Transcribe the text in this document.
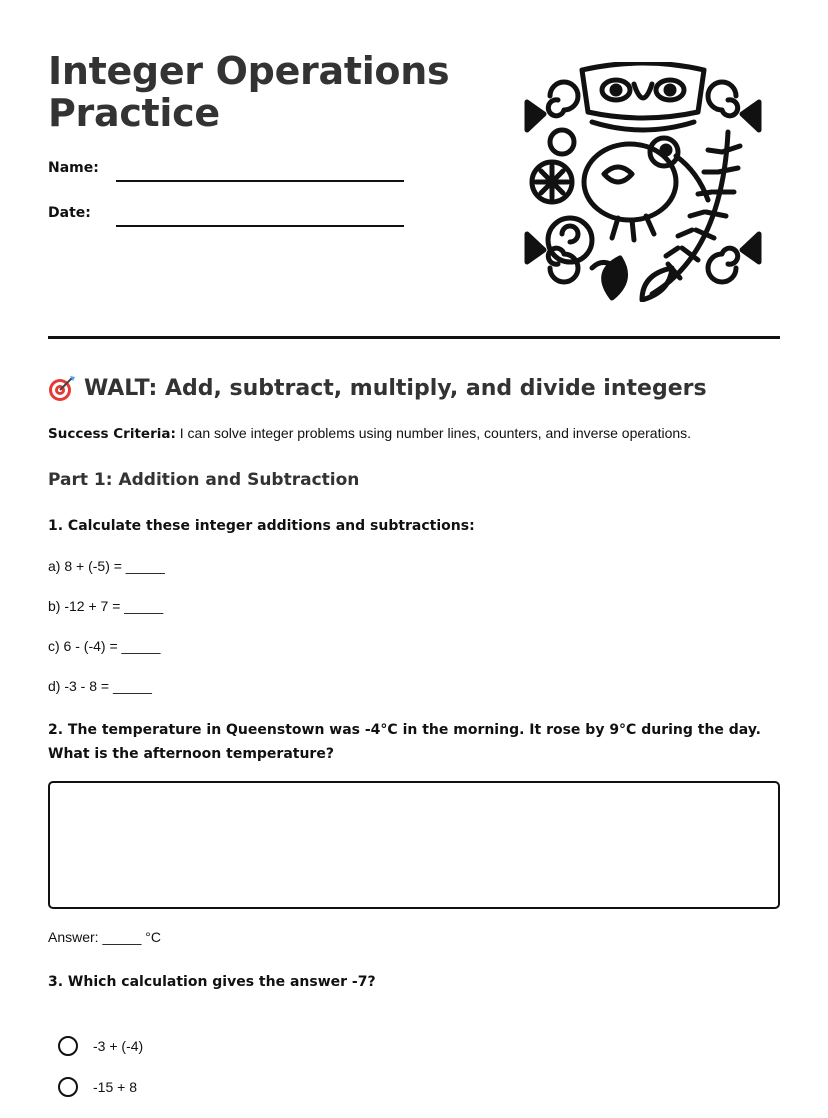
Integer Operations
Practice
Name:
Date:
WALT: Add, subtract, multiply, and divide integers
Success Criteria: I can solve integer problems using number lines, counters, and inverse operations.
Part 1: Addition and Subtraction
1. Calculate these integer additions and subtractions:
a) 8 + (-5) = _____
b) -12 + 7 = _____
c) 6 - (-4) = _____
d) -3 - 8 = _____
2. The temperature in Queenstown was -4°C in the morning. It rose by 9°C during the day. What is the afternoon temperature?
Answer: _____ °C
3. Which calculation gives the answer -7?
-3 + (-4)
-15 + 8
